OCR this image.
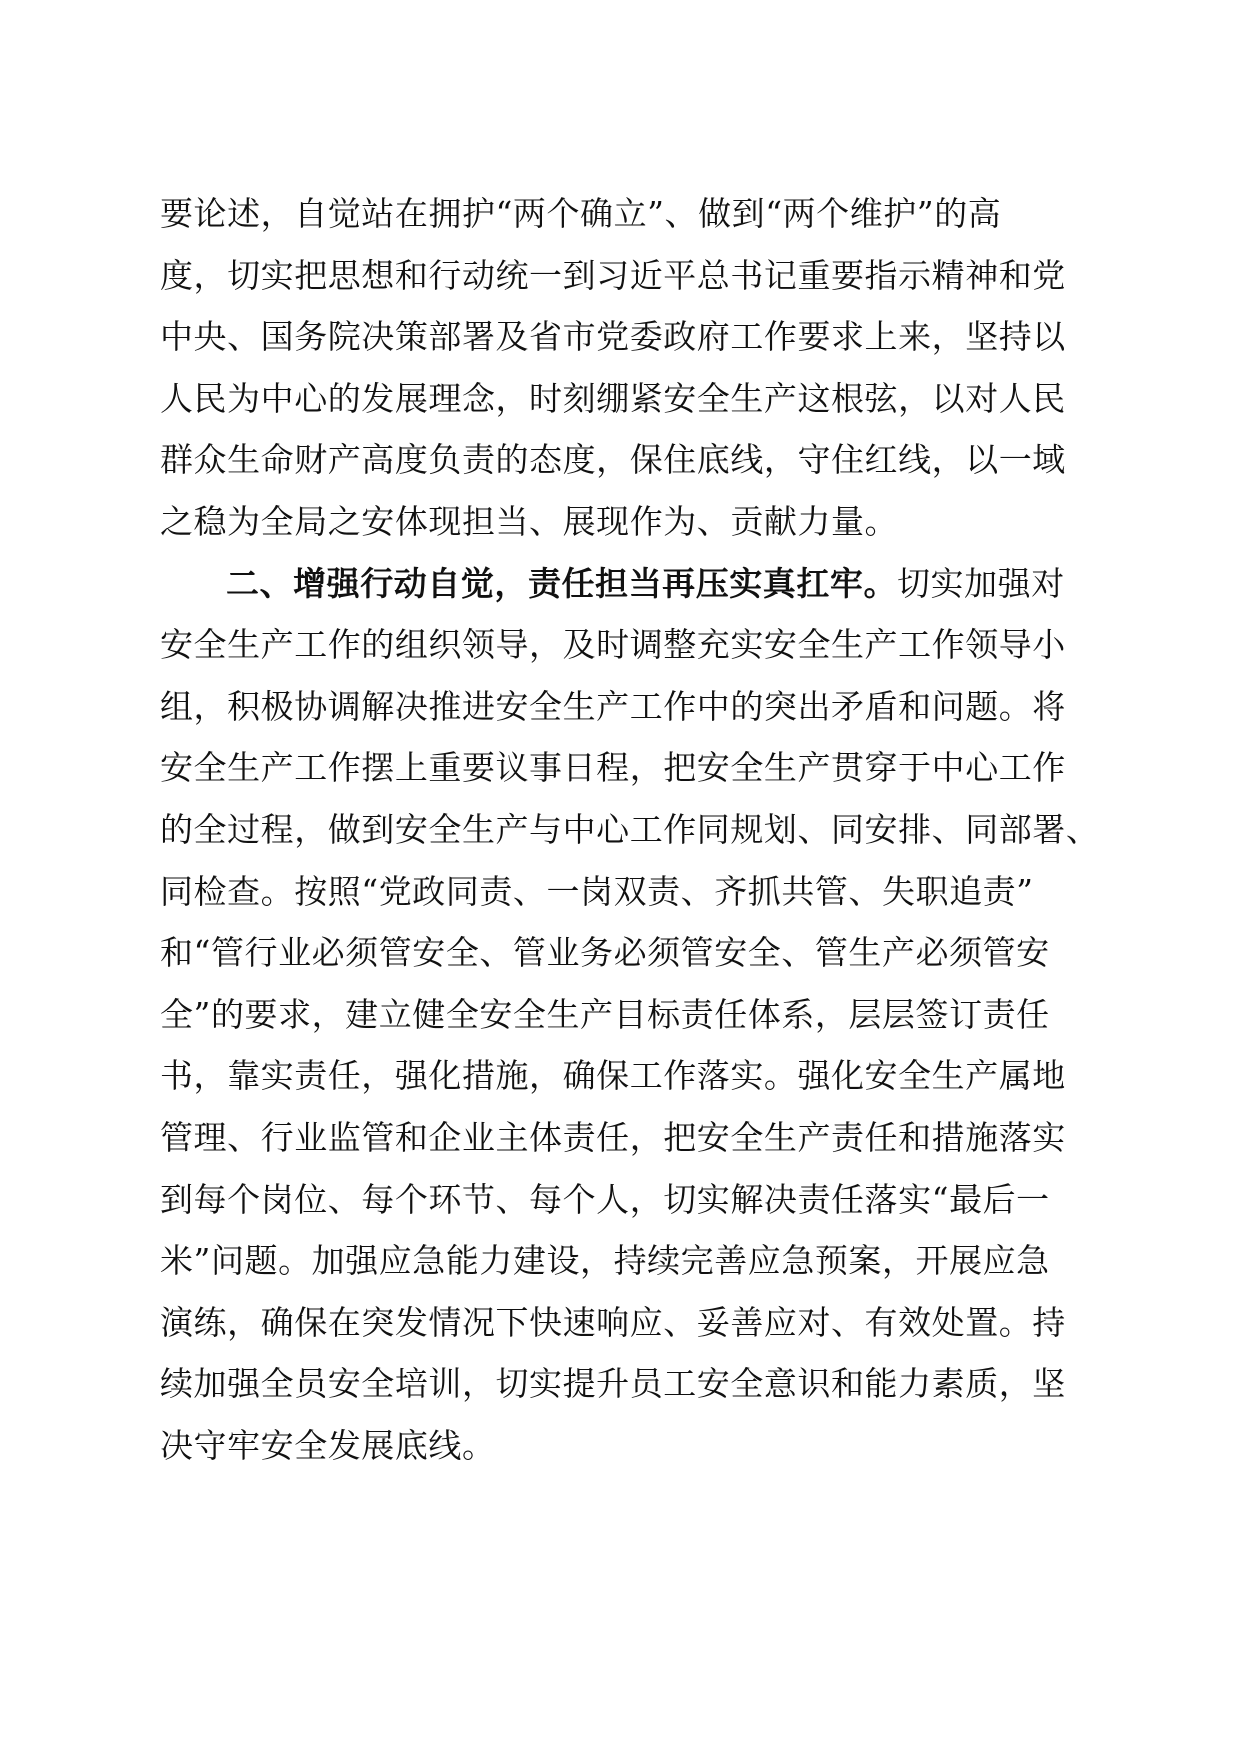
要论述，自觉站在拥护“两个确立”、做到“两个维护”的高
度，切实把思想和行动统一到习近平总书记重要指示精神和党
中央、国务院决策部署及省市党委政府工作要求上来，坚持以
人民为中心的发展理念，时刻绷紧安全生产这根弦，以对人民
群众生命财产高度负责的态度，保住底线，守住红线，以一域
之稳为全局之安体现担当、展现作为、贡献力量。
二、增强行动自觉，责任担当再压实真扛牢。切实加强对
安全生产工作的组织领导，及时调整充实安全生产工作领导小
组，积极协调解决推进安全生产工作中的突出矛盾和问题。将
安全生产工作摆上重要议事日程，把安全生产贯穿于中心工作
的全过程，做到安全生产与中心工作同规划、同安排、同部署、
同检查。按照“党政同责、一岗双责、齐抓共管、失职追责”
和“管行业必须管安全、管业务必须管安全、管生产必须管安
全”的要求，建立健全安全生产目标责任体系，层层签订责任
书，靠实责任，强化措施，确保工作落实。强化安全生产属地
管理、行业监管和企业主体责任，把安全生产责任和措施落实
到每个岗位、每个环节、每个人，切实解决责任落实“最后一
米”问题。加强应急能力建设，持续完善应急预案，开展应急
演练，确保在突发情况下快速响应、妥善应对、有效处置。持
续加强全员安全培训，切实提升员工安全意识和能力素质，坚
决守牢安全发展底线。
